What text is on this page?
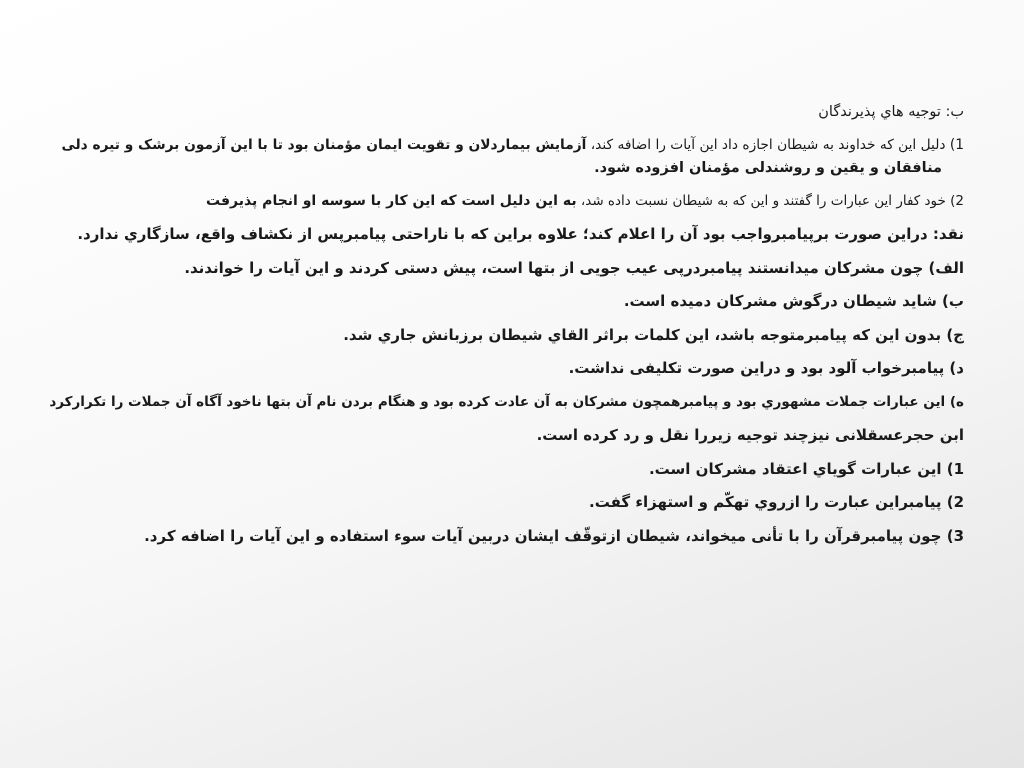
ب: توجیه هاي پذیرندگان

1) دلیل این که خداوند به شیطان اجازه داد این آیات را اضافه کند، آزمایش بیماردلان و تقویت ایمان مؤمنان بود تا با این آزمون برشک و تیره دلی

منافقان و یقین و روشندلی مؤمنان افزوده شود.

2) خود کفار این عبارات را گفتند و این که به شیطان نسبت داده شد، به این دلیل است که این کار با سوسه او انجام پذیرفت

نقد: دراین صورت برپیامبرواجب بود آن را اعلام کند؛ علاوه براین که با ناراحتی پیامبرپس از نکشاف واقع، سازگاري ندارد.

الف) چون مشرکان میدانستند پیامبردرپی عیب جویی از بتها است، پیش دستی کردند و این آیات را خواندند.

ب) شاید شیطان درگوش مشرکان دمیده است.

ج) بدون این که پیامبرمتوجه باشد، این کلمات براثر القاي شیطان برزبانش جاري شد.

د) پیامبرخواب آلود بود و دراین صورت تکلیفی نداشت.

ه) این عبارات جملات مشهوري بود و پیامبرهمچون مشرکان به آن عادت کرده بود و هنگام بردن نام آن بتها ناخود آگاه آن جملات را تکرارکرد

ابن حجرعسقلانی نیزچند توجیه زیررا نقل و رد کرده است.

1) این عبارات گویاي اعتقاد مشرکان است.

2) پیامبراین عبارت را ازروي تهکّم و استهزاء گفت.

3) چون پیامبرقرآن را با تأنی میخواند، شیطان ازتوقّف ایشان دربین آیات سوء استفاده و این آیات را اضافه کرد.
